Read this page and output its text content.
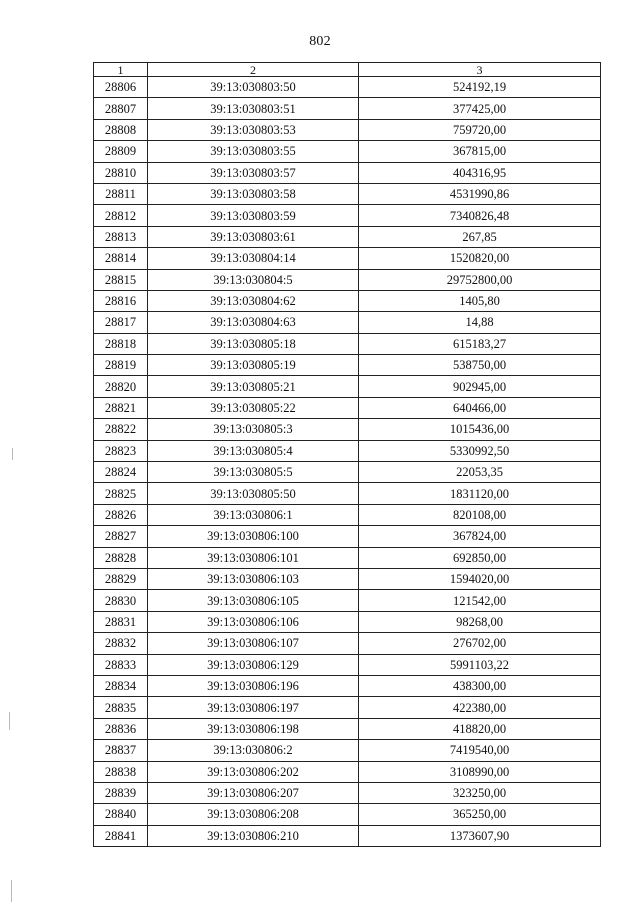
802
1	2	3
28806	39:13:030803:50	524192,19
28807	39:13:030803:51	377425,00
28808	39:13:030803:53	759720,00
28809	39:13:030803:55	367815,00
28810	39:13:030803:57	404316,95
28811	39:13:030803:58	4531990,86
28812	39:13:030803:59	7340826,48
28813	39:13:030803:61	267,85
28814	39:13:030804:14	1520820,00
28815	39:13:030804:5	29752800,00
28816	39:13:030804:62	1405,80
28817	39:13:030804:63	14,88
28818	39:13:030805:18	615183,27
28819	39:13:030805:19	538750,00
28820	39:13:030805:21	902945,00
28821	39:13:030805:22	640466,00
28822	39:13:030805:3	1015436,00
28823	39:13:030805:4	5330992,50
28824	39:13:030805:5	22053,35
28825	39:13:030805:50	1831120,00
28826	39:13:030806:1	820108,00
28827	39:13:030806:100	367824,00
28828	39:13:030806:101	692850,00
28829	39:13:030806:103	1594020,00
28830	39:13:030806:105	121542,00
28831	39:13:030806:106	98268,00
28832	39:13:030806:107	276702,00
28833	39:13:030806:129	5991103,22
28834	39:13:030806:196	438300,00
28835	39:13:030806:197	422380,00
28836	39:13:030806:198	418820,00
28837	39:13:030806:2	7419540,00
28838	39:13:030806:202	3108990,00
28839	39:13:030806:207	323250,00
28840	39:13:030806:208	365250,00
28841	39:13:030806:210	1373607,90
